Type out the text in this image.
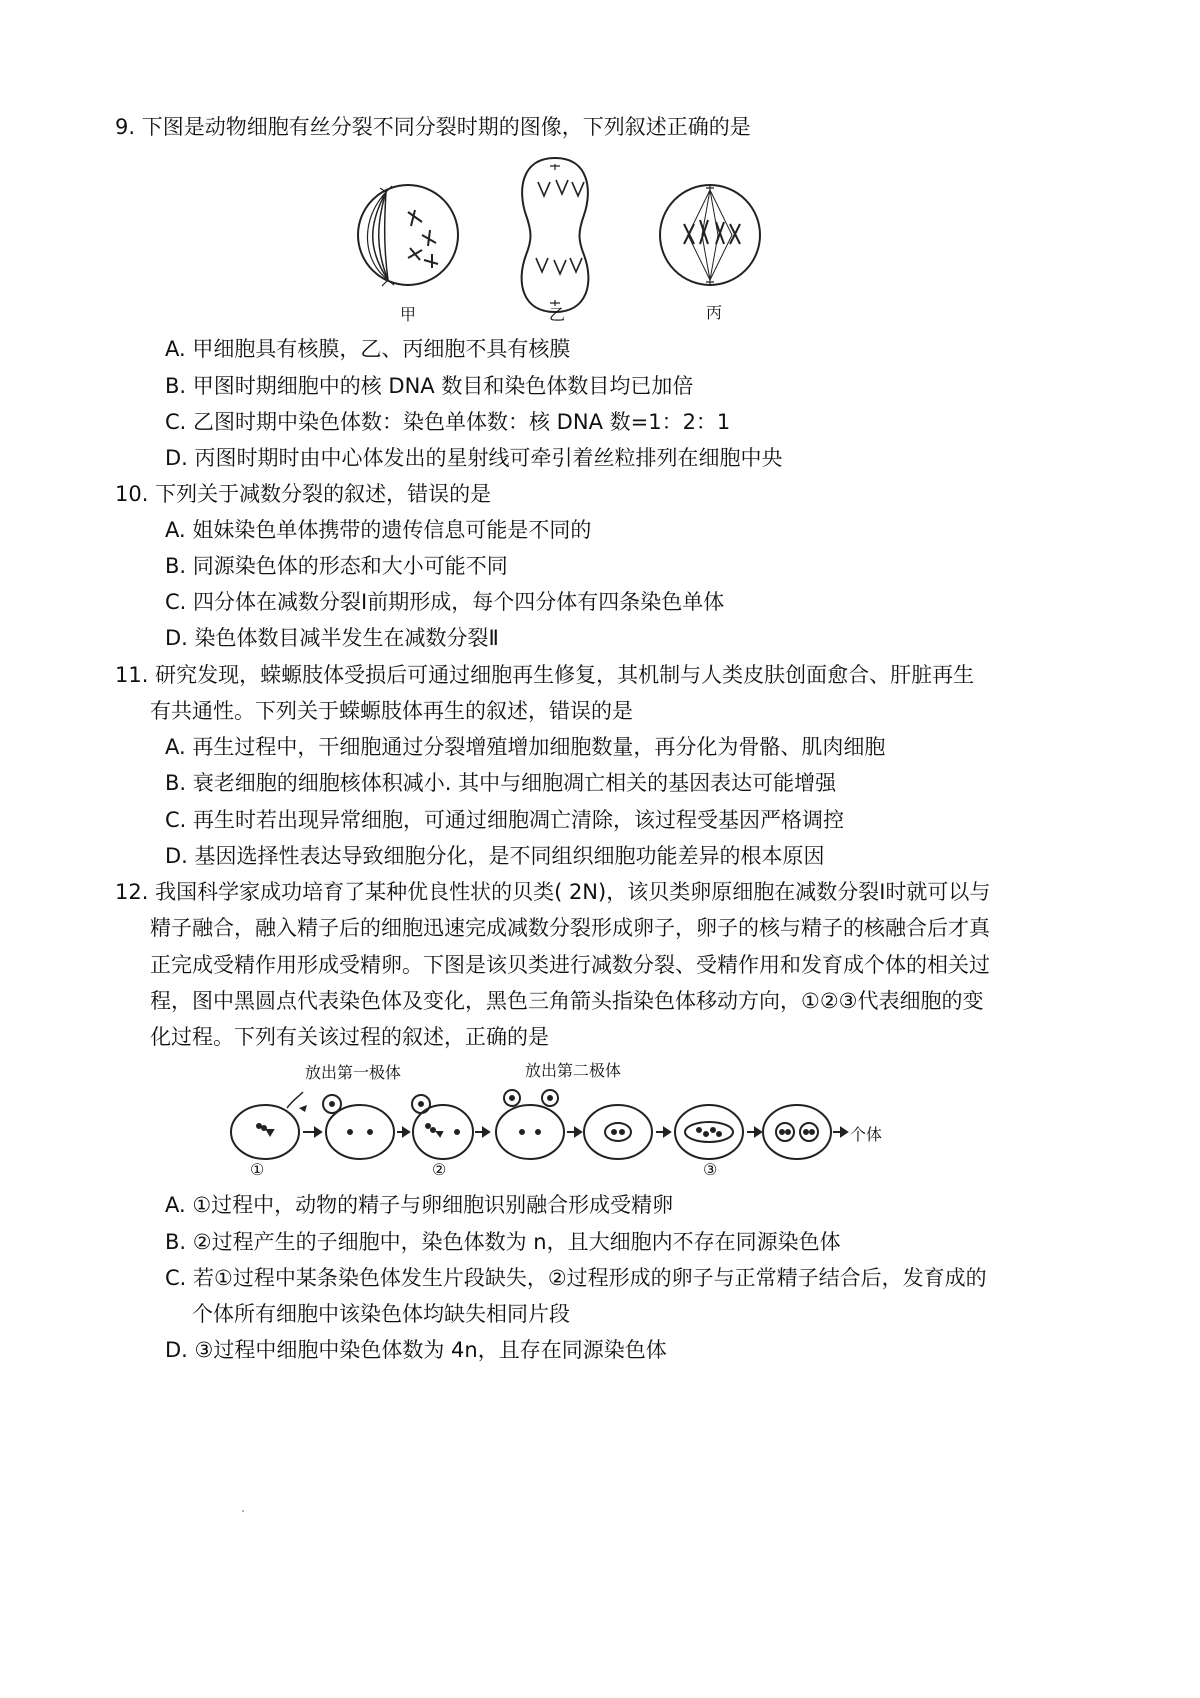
9. 下图是动物细胞有丝分裂不同分裂时期的图像，下列叙述正确的是
甲	乙	丙
A. 甲细胞具有核膜，乙、丙细胞不具有核膜
B. 甲图时期细胞中的核 DNA 数目和染色体数目均已加倍
C. 乙图时期中染色体数：染色单体数：核 DNA 数=1：2：1
D. 丙图时期时由中心体发出的星射线可牵引着丝粒排列在细胞中央
10. 下列关于减数分裂的叙述，错误的是
A. 姐妹染色单体携带的遗传信息可能是不同的
B. 同源染色体的形态和大小可能不同
C. 四分体在减数分裂Ⅰ前期形成，每个四分体有四条染色单体
D. 染色体数目减半发生在减数分裂Ⅱ
11. 研究发现，蝾螈肢体受损后可通过细胞再生修复，其机制与人类皮肤创面愈合、肝脏再生
有共通性。下列关于蝾螈肢体再生的叙述，错误的是
A. 再生过程中，干细胞通过分裂增殖增加细胞数量，再分化为骨骼、肌肉细胞
B. 衰老细胞的细胞核体积减小. 其中与细胞凋亡相关的基因表达可能增强
C. 再生时若出现异常细胞，可通过细胞凋亡清除，该过程受基因严格调控
D. 基因选择性表达导致细胞分化，是不同组织细胞功能差异的根本原因
12. 我国科学家成功培育了某种优良性状的贝类( 2N)，该贝类卵原细胞在减数分裂Ⅰ时就可以与
精子融合，融入精子后的细胞迅速完成减数分裂形成卵子，卵子的核与精子的核融合后才真
正完成受精作用形成受精卵。下图是该贝类进行减数分裂、受精作用和发育成个体的相关过
程，图中黑圆点代表染色体及变化，黑色三角箭头指染色体移动方向，①②③代表细胞的变
化过程。下列有关该过程的叙述，正确的是
放出第一极体	放出第二极体
个体
①	②	③
A. ①过程中，动物的精子与卵细胞识别融合形成受精卵
B. ②过程产生的子细胞中，染色体数为 n，且大细胞内不存在同源染色体
C. 若①过程中某条染色体发生片段缺失，②过程形成的卵子与正常精子结合后，发育成的
个体所有细胞中该染色体均缺失相同片段
D. ③过程中细胞中染色体数为 4n，且存在同源染色体
